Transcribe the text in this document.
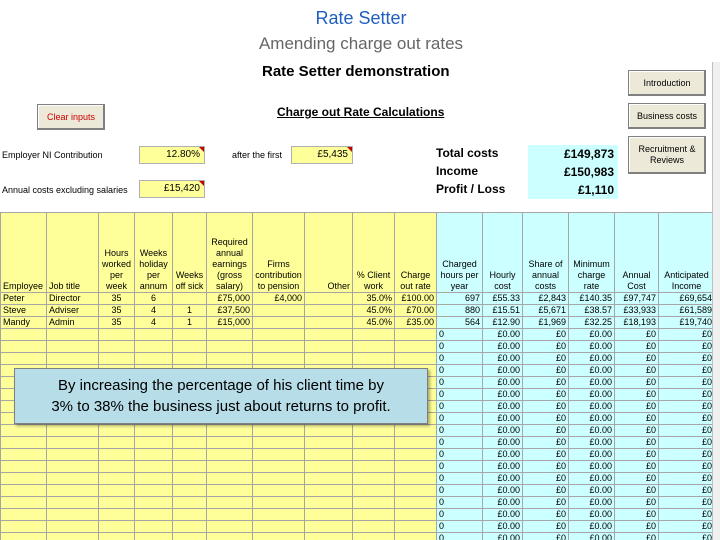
Rate Setter
Amending charge out rates
Rate Setter demonstration
Charge out Rate Calculations
Clear inputs
Introduction
Business costs
Recruitment &
Reviews
Employer NI Contribution	12.80%	after the first	£5,435
Annual costs excluding salaries	£15,420
Total costs	£149,873
Income	£150,983
Profit / Loss	£1,110
Employee	Job title	Hours worked per week	Weeks holiday per annum	Weeks off sick	Required annual earnings (gross salary)	Firms contribution to pension	Other	% Client work	Charge out rate	Charged hours per year	Hourly cost	Share of annual costs	Minimum charge rate	Annual Cost	Anticipated Income
Peter	Director	35	6		£75,000	£4,000		35.0%	£100.00	697	£55.33	£2,843	£140.35	£97,747	£69,654
Steve	Adviser	35	4	1	£37,500			45.0%	£70.00	880	£15.51	£5,671	£38.57	£33,933	£61,589
Mandy	Admin	35	4	1	£15,000			45.0%	£35.00	564	£12.90	£1,969	£32.25	£18,193	£19,740
										0	£0.00	£0	£0.00	£0	£0
										0	£0.00	£0	£0.00	£0	£0
										0	£0.00	£0	£0.00	£0	£0
										0	£0.00	£0	£0.00	£0	£0
										0	£0.00	£0	£0.00	£0	£0
										0	£0.00	£0	£0.00	£0	£0
										0	£0.00	£0	£0.00	£0	£0
										0	£0.00	£0	£0.00	£0	£0
										0	£0.00	£0	£0.00	£0	£0
										0	£0.00	£0	£0.00	£0	£0
										0	£0.00	£0	£0.00	£0	£0
										0	£0.00	£0	£0.00	£0	£0
										0	£0.00	£0	£0.00	£0	£0
										0	£0.00	£0	£0.00	£0	£0
										0	£0.00	£0	£0.00	£0	£0
										0	£0.00	£0	£0.00	£0	£0
										0	£0.00	£0	£0.00	£0	£0
										0	£0.00	£0	£0.00	£0	£0
By increasing the percentage of his client time by
3% to 38% the business just about returns to profit.
